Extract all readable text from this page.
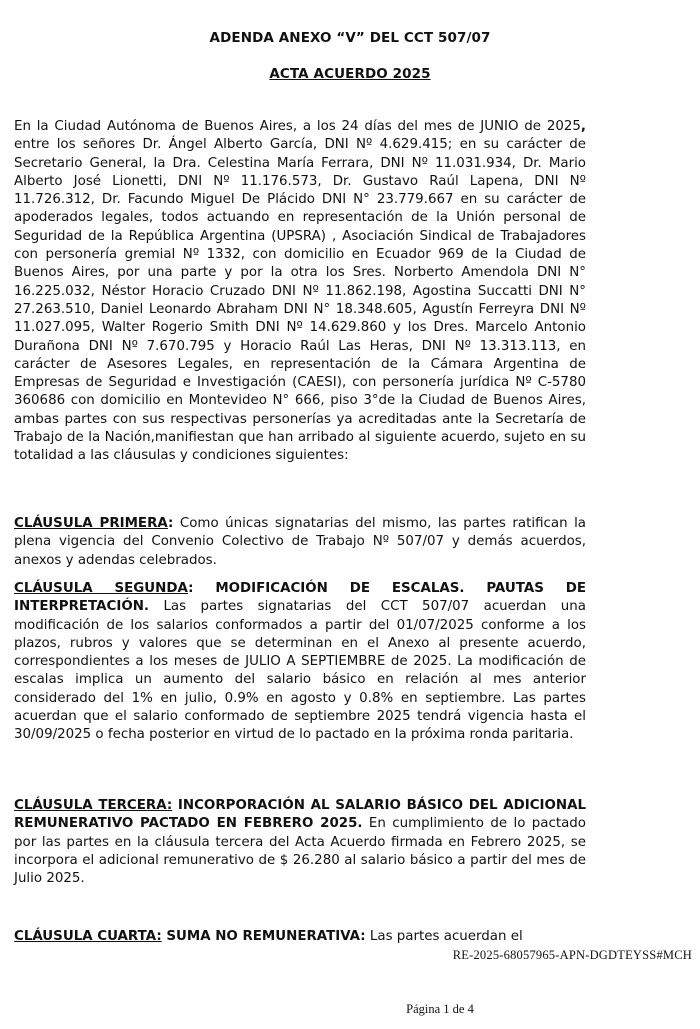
ADENDA ANEXO “V” DEL CCT 507/07
ACTA ACUERDO 2025

En la Ciudad Autónoma de Buenos Aires, a los 24 días del mes de JUNIO de 2025, entre los señores Dr. Ángel Alberto García, DNI Nº 4.629.415; en su carácter de Secretario General, la Dra. Celestina María Ferrara, DNI Nº 11.031.934, Dr. Mario Alberto José Lionetti, DNI Nº 11.176.573, Dr. Gustavo Raúl Lapena, DNI Nº 11.726.312, Dr. Facundo Miguel De Plácido DNI N° 23.779.667 en su carácter de apoderados legales, todos actuando en representación de la Unión personal de Seguridad de la República Argentina (UPSRA) , Asociación Sindical de Trabajadores con personería gremial Nº 1332, con domicilio en Ecuador 969 de la Ciudad de Buenos Aires, por una parte y por la otra los Sres. Norberto Amendola DNI N° 16.225.032, Néstor Horacio Cruzado DNI Nº 11.862.198, Agostina Succatti DNI N° 27.263.510, Daniel Leonardo Abraham DNI N° 18.348.605, Agustín Ferreyra DNI Nº 11.027.095, Walter Rogerio Smith DNI Nº 14.629.860 y los Dres. Marcelo Antonio Durañona DNI Nº 7.670.795 y Horacio Raúl Las Heras, DNI Nº 13.313.113, en carácter de Asesores Legales, en representación de la Cámara Argentina de Empresas de Seguridad e Investigación (CAESI), con personería jurídica Nº C-5780 360686 con domicilio en Montevideo N° 666, piso 3°de la Ciudad de Buenos Aires, ambas partes con sus respectivas personerías ya acreditadas ante la Secretaría de Trabajo de la Nación,manifiestan que han arribado al siguiente acuerdo, sujeto en su totalidad a las cláusulas y condiciones siguientes:

CLÁUSULA PRIMERA: Como únicas signatarias del mismo, las partes ratifican la plena vigencia del Convenio Colectivo de Trabajo Nº 507/07 y demás acuerdos, anexos y adendas celebrados.

CLÁUSULA SEGUNDA: MODIFICACIÓN DE ESCALAS. PAUTAS DE INTERPRETACIÓN. Las partes signatarias del CCT 507/07 acuerdan una modificación de los salarios conformados a partir del 01/07/2025 conforme a los plazos, rubros y valores que se determinan en el Anexo al presente acuerdo, correspondientes a los meses de JULIO A SEPTIEMBRE de 2025. La modificación de escalas implica un aumento del salario básico en relación al mes anterior considerado del 1% en julio, 0.9% en agosto y 0.8% en septiembre. Las partes acuerdan que el salario conformado de septiembre 2025 tendrá vigencia hasta el 30/09/2025 o fecha posterior en virtud de lo pactado en la próxima ronda paritaria.

CLÁUSULA TERCERA: INCORPORACIÓN AL SALARIO BÁSICO DEL ADICIONAL REMUNERATIVO PACTADO EN FEBRERO 2025. En cumplimiento de lo pactado por las partes en la cláusula tercera del Acta Acuerdo firmada en Febrero 2025, se incorpora el adicional remunerativo de $ 26.280 al salario básico a partir del mes de Julio 2025.

CLÁUSULA CUARTA: SUMA NO REMUNERATIVA: Las partes acuerdan el

RE-2025-68057965-APN-DGDTEYSS#MCH
Página 1 de 4
